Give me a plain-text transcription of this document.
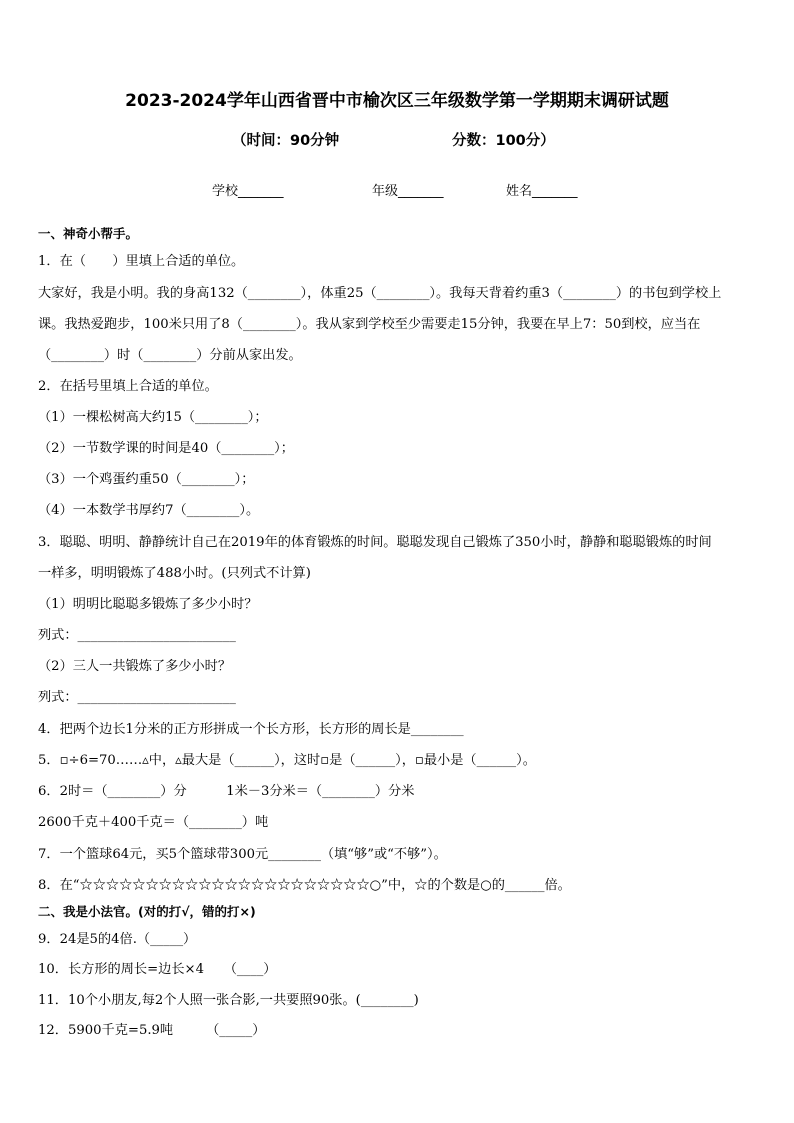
2023-2024学年山西省晋中市榆次区三年级数学第一学期期末调研试题
（时间：90分钟	分数：100分）
学校_______	年级_______	姓名_______
一、神奇小帮手。
1．在（　　）里填上合适的单位。
大家好，我是小明。我的身高132（________），体重25（________）。我每天背着约重3（________）的书包到学校上
课。我热爱跑步，100米只用了8（________）。我从家到学校至少需要走15分钟，我要在早上7：50到校，应当在
（________）时（________）分前从家出发。
2．在括号里填上合适的单位。
（1）一棵松树高大约15（________）；
（2）一节数学课的时间是40（________）；
（3）一个鸡蛋约重50（________）；
（4）一本数学书厚约7（________）。
3．聪聪、明明、静静统计自己在2019年的体育锻炼的时间。聪聪发现自己锻炼了350小时，静静和聪聪锻炼的时间
一样多，明明锻炼了488小时。(只列式不计算)
（1）明明比聪聪多锻炼了多少小时？
列式：________________________
（2）三人一共锻炼了多少小时？
列式：________________________
4．把两个边长1分米的正方形拼成一个长方形，长方形的周长是________
5．▫÷6=70……▵中，▵最大是（______），这时▫是（______），▫最小是（______）。
6．2时＝（________）分　　　1米－3分米＝（________）分米
2600千克＋400千克＝（________）吨
7．一个篮球64元，买5个篮球带300元________（填“够”或“不够”）。
8．在“☆☆☆☆☆☆☆☆☆☆☆☆☆☆☆☆☆☆☆☆☆☆○”中，☆的个数是○的______倍。
二、我是小法官。(对的打√，错的打×)
9．24是5的4倍.（_____）
10．长方形的周长=边长×4　　（____）
11．10个小朋友,每2个人照一张合影,一共要照90张。(________)
12．5900千克=5.9吨　　　（_____）
